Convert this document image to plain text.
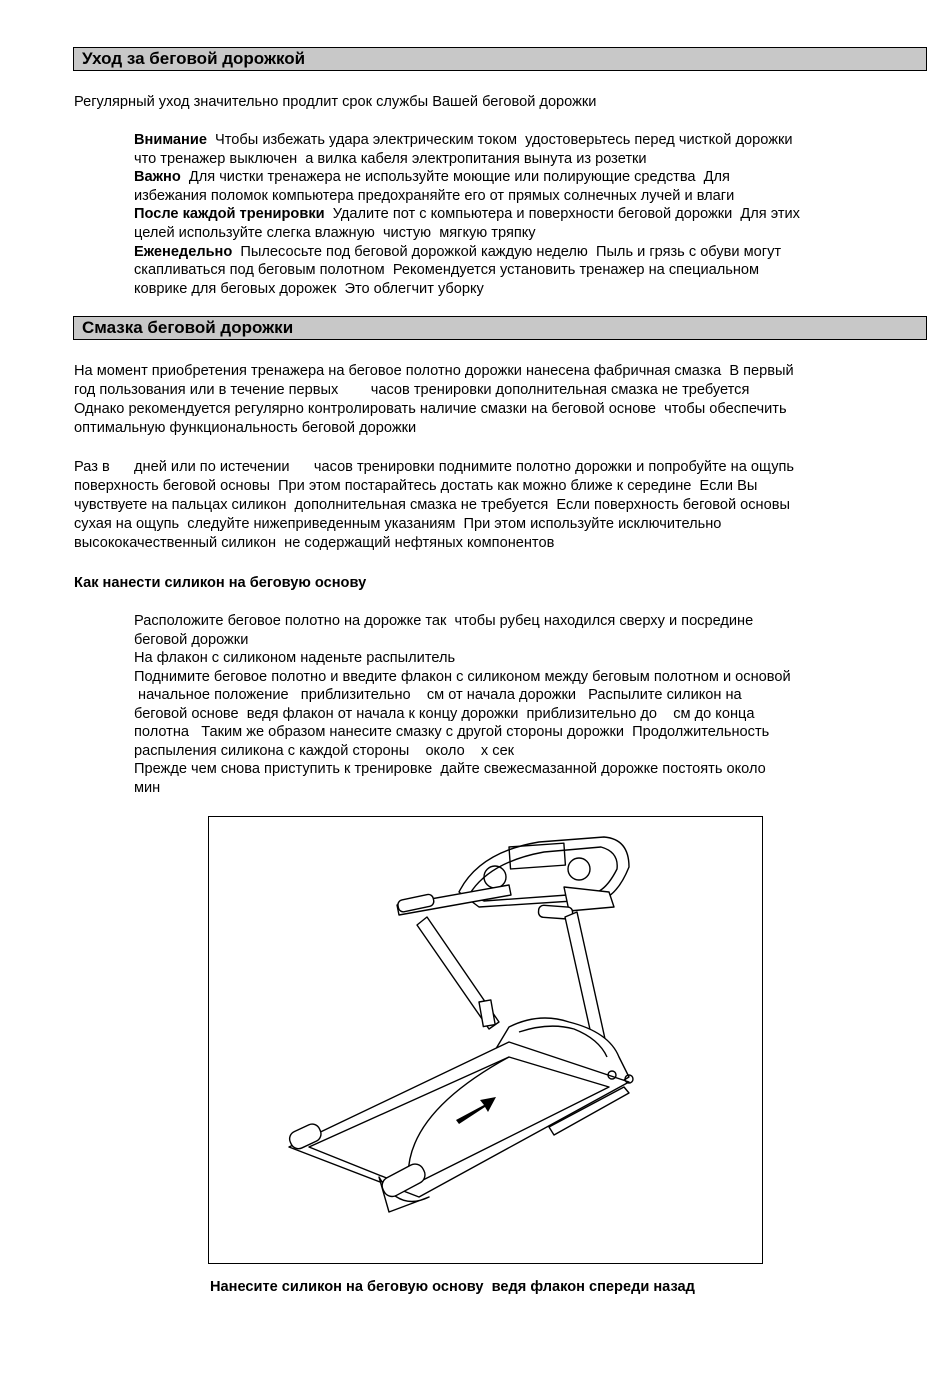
Уход за беговой дорожкой

Регулярный уход значительно продлит срок службы Вашей беговой дорожки

Внимание  Чтобы избежать удара электрическим током  удостоверьтесь перед чисткой дорожки

что тренажер выключен  а вилка кабеля электропитания вынута из розетки

Важно  Для чистки тренажера не используйте моющие или полирующие средства  Для

избежания поломок компьютера предохраняйте его от прямых солнечных лучей и влаги

После каждой тренировки  Удалите пот с компьютера и поверхности беговой дорожки  Для этих

целей используйте слегка влажную  чистую  мягкую тряпку

Еженедельно  Пылесосьте под беговой дорожкой каждую неделю  Пыль и грязь с обуви могут

скапливаться под беговым полотном  Рекомендуется установить тренажер на специальном

коврике для беговых дорожек  Это облегчит уборку

Смазка беговой дорожки

На момент приобретения тренажера на беговое полотно дорожки нанесена фабричная смазка  В первый

год пользования или в течение первых        часов тренировки дополнительная смазка не требуется

Однако рекомендуется регулярно контролировать наличие смазки на беговой основе  чтобы обеспечить

оптимальную функциональность беговой дорожки

Раз в      дней или по истечении      часов тренировки поднимите полотно дорожки и попробуйте на ощупь

поверхность беговой основы  При этом постарайтесь достать как можно ближе к середине  Если Вы

чувствуете на пальцах силикон  дополнительная смазка не требуется  Если поверхность беговой основы

сухая на ощупь  следуйте нижеприведенным указаниям  При этом используйте исключительно

высококачественный силикон  не содержащий нефтяных компонентов

Как нанести силикон на беговую основу

Расположите беговое полотно на дорожке так  чтобы рубец находился сверху и посредине

беговой дорожки

На флакон с силиконом наденьте распылитель

Поднимите беговое полотно и введите флакон с силиконом между беговым полотном и основой

начальное положение   приблизительно    см от начала дорожки   Распылите силикон на

беговой основе  ведя флакон от начала к концу дорожки  приблизительно до    см до конца

полотна   Таким же образом нанесите смазку с другой стороны дорожки  Продолжительность

распыления силикона с каждой стороны    около    х сек

Прежде чем снова приступить к тренировке  дайте свежесмазанной дорожке постоять около

мин

Нанесите силикон на беговую основу  ведя флакон спереди назад
